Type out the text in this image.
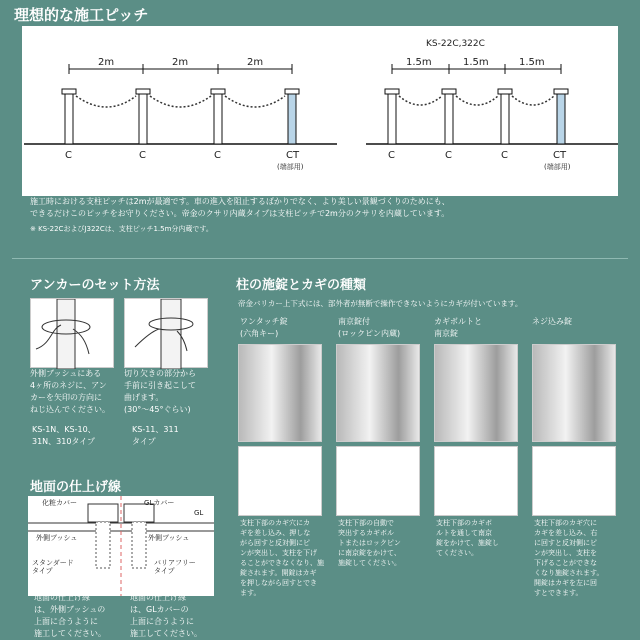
理想的な施工ピッチ
KS-22C,322C
2m	2m	2m	1.5m	1.5m	1.5m
C	C	C	CT
(端部用)
C	C	C	CT
(端部用)
施工時における支柱ピッチは2mが最適です。車の進入を阻止するばかりでなく、より美しい景観づくりのためにも、
できるだけこのピッチをお守りください。帝金のクサリ内蔵タイプは支柱ピッチで2m分のクサリを内蔵しています。
※ KS-22CおよびJ322Cは、支柱ピッチ1.5m分内蔵です。
アンカーのセット方法
外側ブッシュにある
4ヶ所のネジに、アン
カーを矢印の方向に
ねじ込んでください。
KS-1N、KS-10、
31N、310タイプ
切り欠きの部分から
手前に引き起こして
曲げます。
(30°〜45°ぐらい)
KS-11、311
タイプ
地面の仕上げ線
化粧カバー	GLカバー
GL
外側ブッシュ	外側ブッシュ
スタンダード
タイプ
バリアフリー
タイプ
地面の仕上げ線
は、外側ブッシュの
上面に合うように
施工してください。
地面の仕上げ線
は、GLカバーの
上面に合うように
施工してください。
柱の施錠とカギの種類
帝金バリカー上下式には、部外者が無断で操作できないようにカギが付いています。
ワンタッチ錠
(六角キー)
南京錠付
(ロックピン内蔵)
カギボルトと
南京錠
ネジ込み錠
支柱下部のカギ穴にカ
ギを差し込み、押しな
がら回すと反対側にピ
ンが突出し、支柱を下げ
ることができなくなり、施
錠されます。開錠はカギ
を押しながら回すとでき
ます。
支柱下部の自動で
突出するカギボル
トまたはロックピン
に南京錠をかけて、
施錠してください。
支柱下部のカギボ
ルトを通して南京
錠をかけて、施錠し
てください。
支柱下部のカギ穴に
カギを差し込み、右
に回すと反対側にピ
ンが突出し、支柱を
下げることができな
くなり施錠されます。
開錠はカギを左に回
すとできます。
